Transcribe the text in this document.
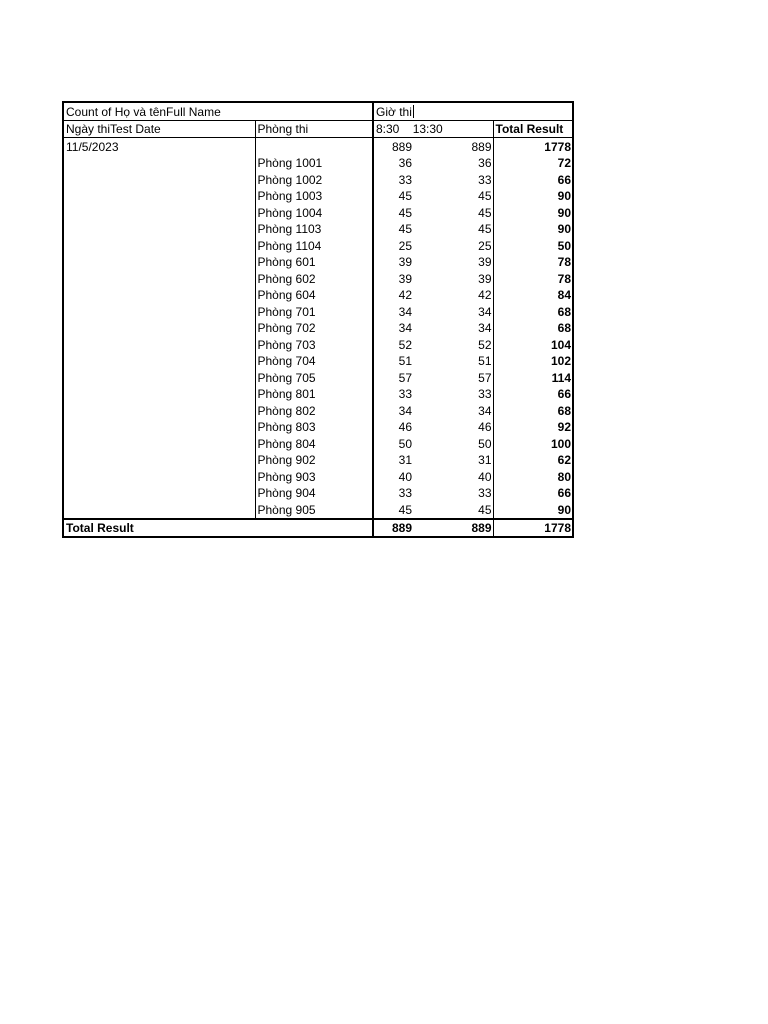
Count of Họ và tênFull Name		Giờ thi		
Ngày thiTest Date	Phòng thi	8:30 13:30		Total Result
11/5/2023		889	889	1778
	Phòng 1001	36	36	72
	Phòng 1002	33	33	66
	Phòng 1003	45	45	90
	Phòng 1004	45	45	90
	Phòng 1103	45	45	90
	Phòng 1104	25	25	50
	Phòng 601	39	39	78
	Phòng 602	39	39	78
	Phòng 604	42	42	84
	Phòng 701	34	34	68
	Phòng 702	34	34	68
	Phòng 703	52	52	104
	Phòng 704	51	51	102
	Phòng 705	57	57	114
	Phòng 801	33	33	66
	Phòng 802	34	34	68
	Phòng 803	46	46	92
	Phòng 804	50	50	100
	Phòng 902	31	31	62
	Phòng 903	40	40	80
	Phòng 904	33	33	66
	Phòng 905	45	45	90
Total Result		889	889	1778
